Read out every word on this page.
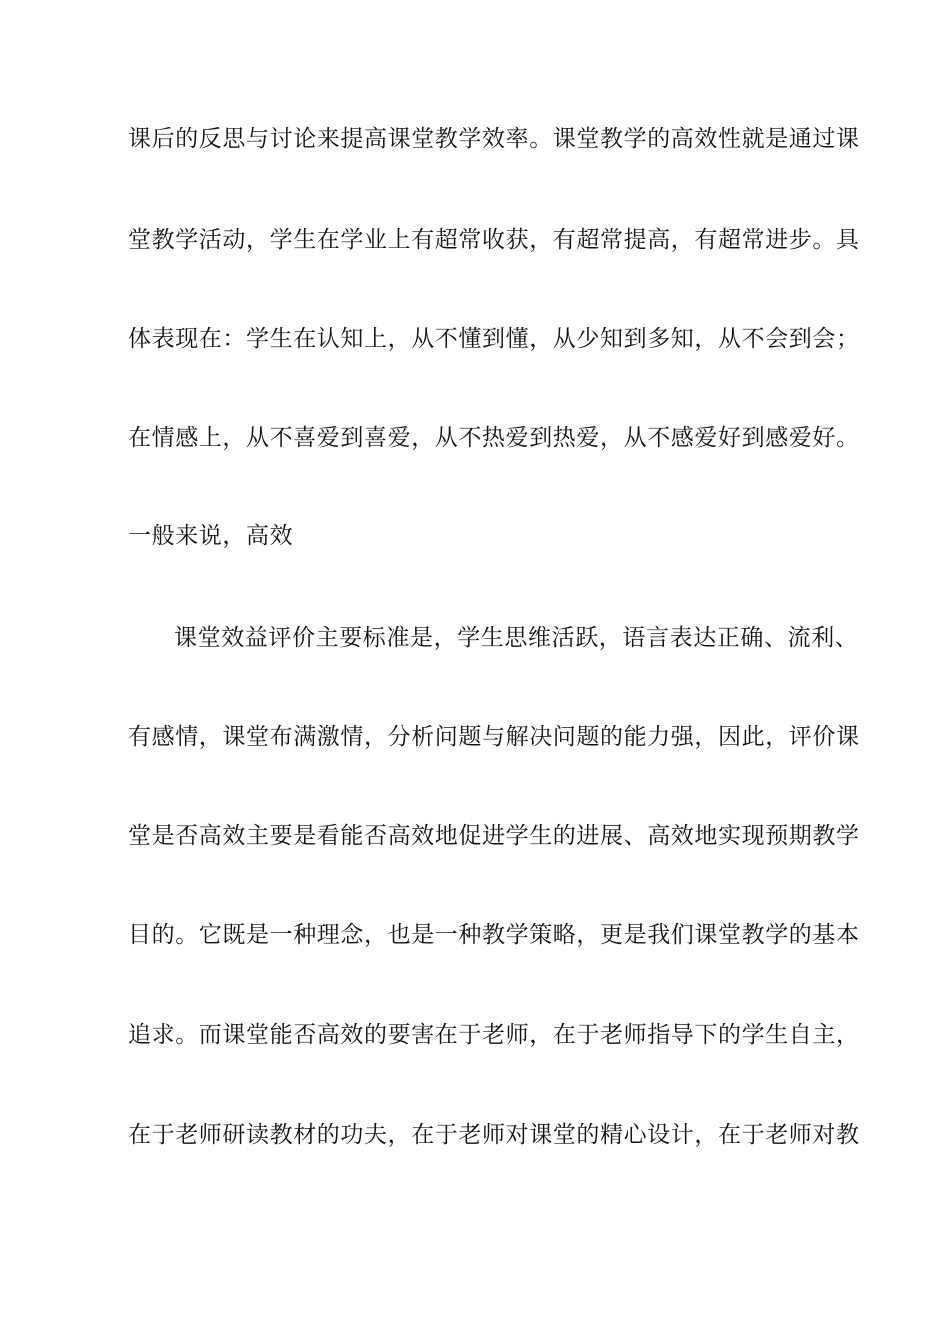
课后的反思与讨论来提高课堂教学效率。课堂教学的高效性就是通过课
堂教学活动，学生在学业上有超常收获，有超常提高，有超常进步。具
体表现在：学生在认知上，从不懂到懂，从少知到多知，从不会到会；
在情感上，从不喜爱到喜爱，从不热爱到热爱，从不感爱好到感爱好。
一般来说，高效
课堂效益评价主要标准是，学生思维活跃，语言表达正确、流利、
有感情，课堂布满激情，分析问题与解决问题的能力强，因此，评价课
堂是否高效主要是看能否高效地促进学生的进展、高效地实现预期教学
目的。它既是一种理念，也是一种教学策略，更是我们课堂教学的基本
追求。而课堂能否高效的要害在于老师，在于老师指导下的学生自主，
在于老师研读教材的功夫，在于老师对课堂的精心设计，在于老师对教
